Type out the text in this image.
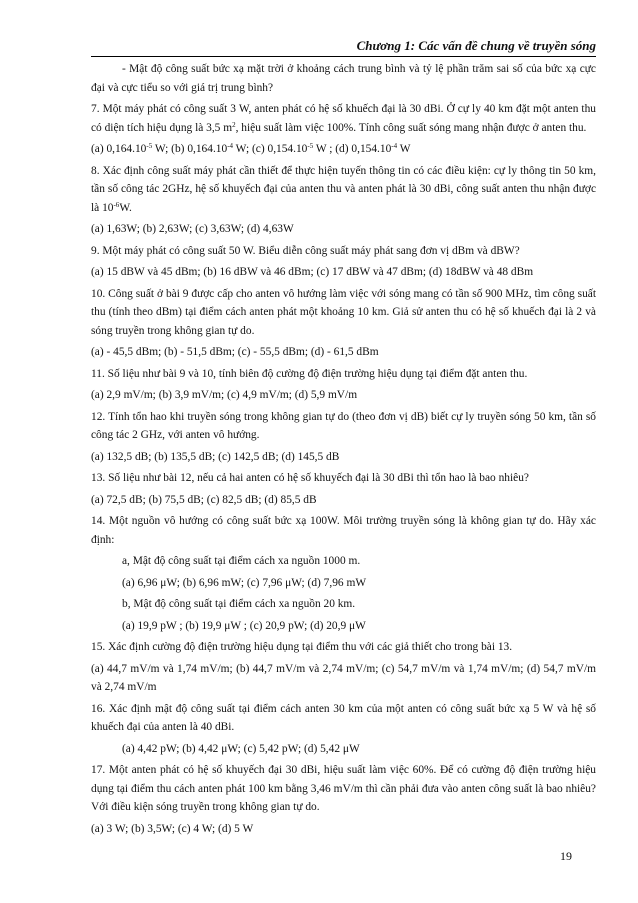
Chương 1: Các vấn đề chung về truyền sóng

- Mật độ công suất bức xạ mặt trời ở khoảng cách trung bình và tỷ lệ phần trăm sai số của bức xạ cực đại và cực tiểu so với giá trị trung bình?

7. Một máy phát có công suất 3 W, anten phát có hệ số khuếch đại là 30 dBi. Ở cự ly 40 km đặt một anten thu có diện tích hiệu dụng là 3,5 $m^2$, hiệu suất làm việc 100%. Tính công suất sóng mang nhận được ở anten thu.

(a) $0,164.10^{-5}$ W; (b) $0,164.10^{-4}$ W; (c) $0,154.10^{-5}$ W ; (d) $0,154.10^{-4}$ W

8. Xác định công suất máy phát cần thiết để thực hiện tuyến thông tin có các điều kiện: cự ly thông tin 50 km, tần số công tác 2GHz, hệ số khuyếch đại của anten thu và anten phát là 30 dBi, công suất anten thu nhận được là $10^{-6}W$.

(a) 1,63W; (b) 2,63W; (c) 3,63W; (d) 4,63W

9. Một máy phát có công suất 50 W. Biểu diễn công suất máy phát sang đơn vị dBm và dBW?

(a) 15 dBW và 45 dBm; (b) 16 dBW và 46 dBm; (c) 17 dBW và 47 dBm; (d) 18dBW và 48 dBm

10. Công suất ở bài 9 được cấp cho anten vô hướng làm việc với sóng mang có tần số 900 MHz, tìm công suất thu (tính theo dBm) tại điểm cách anten phát một khoảng 10 km. Giả sử anten thu có hệ số khuếch đại là 2 và sóng truyền trong không gian tự do.

(a) - 45,5 dBm; (b) - 51,5 dBm; (c) - 55,5 dBm; (d) - 61,5 dBm

11. Số liệu như bài 9 và 10, tính biên độ cường độ điện trường hiệu dụng tại điểm đặt anten thu.

(a) 2,9 mV/m; (b) 3,9 mV/m; (c) 4,9 mV/m; (d) 5,9 mV/m

12. Tính tổn hao khi truyền sóng trong không gian tự do (theo đơn vị dB) biết cự ly truyền sóng 50 km, tần số công tác 2 GHz, với anten vô hướng.

(a) 132,5 dB; (b) 135,5 dB; (c) 142,5 dB; (d) 145,5 dB

13. Số liệu như bài 12, nếu cả hai anten có hệ số khuyếch đại là 30 dBi thì tổn hao là bao nhiêu?

(a) 72,5 dB; (b) 75,5 dB; (c) 82,5 dB; (d) 85,5 dB

14. Một nguồn vô hướng có công suất bức xạ 100W. Môi trường truyền sóng là không gian tự do. Hãy xác định:

a, Mật độ công suất tại điểm cách xa nguồn 1000 m.

(a) 6,96 μW; (b) 6,96 mW; (c) 7,96 μW; (d) 7,96 mW

b, Mật độ công suất tại điểm cách xa nguồn 20 km.

(a) 19,9 pW ; (b) 19,9 μW ; (c) 20,9 pW; (d) 20,9 μW

15. Xác định cường độ điện trường hiệu dụng tại điểm thu với các giả thiết cho trong bài 13.

(a) 44,7 mV/m và 1,74 mV/m; (b) 44,7 mV/m và 2,74 mV/m; (c) 54,7 mV/m và 1,74 mV/m; (d) 54,7 mV/m và 2,74 mV/m

16. Xác định mật độ công suất tại điểm cách anten 30 km của một anten có công suất bức xạ 5 W và hệ số khuếch đại của anten là 40 dBi.

(a) 4,42 pW; (b) 4,42 μW; (c) 5,42 pW; (d) 5,42 μW

17. Một anten phát có hệ số khuyếch đại 30 dBi, hiệu suất làm việc 60%. Để có cường độ điện trường hiệu dụng tại điểm thu cách anten phát 100 km bằng 3,46 mV/m thì cần phải đưa vào anten công suất là bao nhiêu? Với điều kiện sóng truyền trong không gian tự do.

(a) 3 W; (b) 3,5W; (c) 4 W; (d) 5 W

19
